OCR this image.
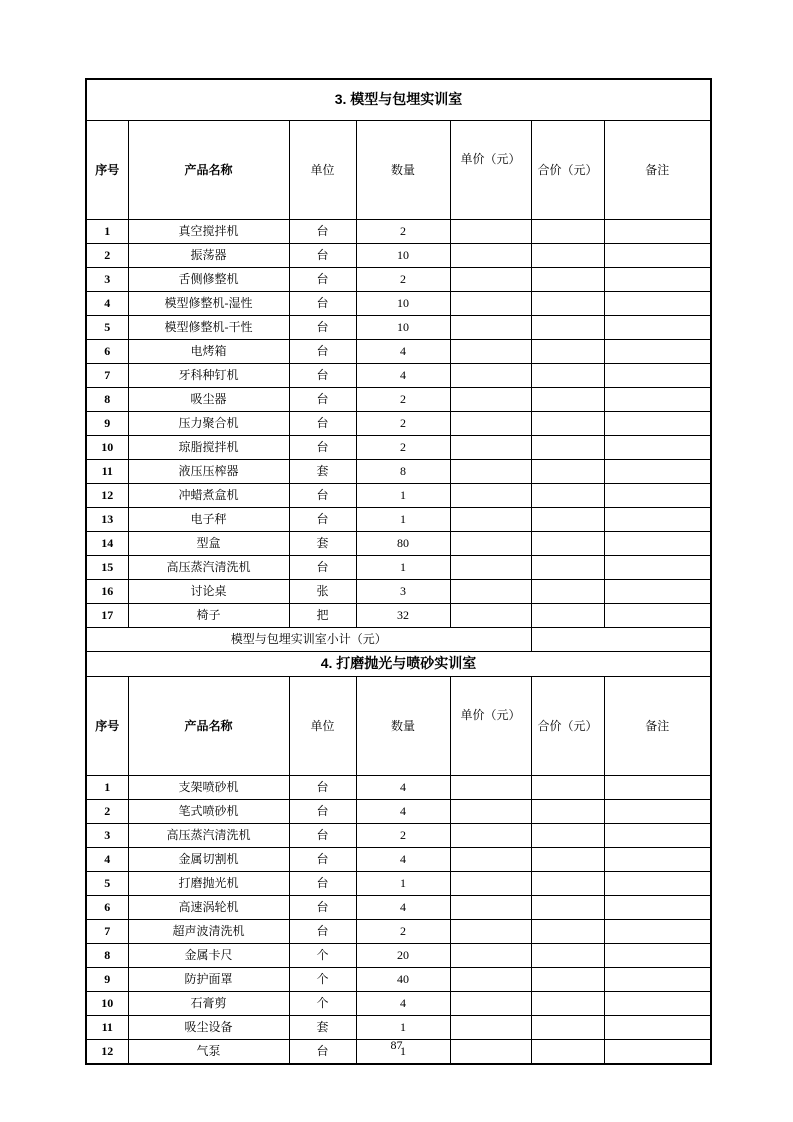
3. 模型与包埋实训室						
序号	产品名称	单位	数量	单价（元）	合价（元）	备注
1	真空搅拌机	台	2			
2	振荡器	台	10			
3	舌侧修整机	台	2			
4	模型修整机-湿性	台	10			
5	模型修整机-干性	台	10			
6	电烤箱	台	4			
7	牙科种钉机	台	4			
8	吸尘器	台	2			
9	压力聚合机	台	2			
10	琼脂搅拌机	台	2			
11	液压压榨器	套	8			
12	冲蜡煮盒机	台	1			
13	电子秤	台	1			
14	型盒	套	80			
15	高压蒸汽清洗机	台	1			
16	讨论桌	张	3			
17	椅子	把	32			
模型与包埋实训室小计（元）						
4. 打磨抛光与喷砂实训室						
序号	产品名称	单位	数量	单价（元）	合价（元）	备注
1	支架喷砂机	台	4			
2	笔式喷砂机	台	4			
3	高压蒸汽清洗机	台	2			
4	金属切割机	台	4			
5	打磨抛光机	台	1			
6	高速涡轮机	台	4			
7	超声波清洗机	台	2			
8	金属卡尺	个	20			
9	防护面罩	个	40			
10	石膏剪	个	4			
11	吸尘设备	套	1			
12	气泵	台	1			
87
